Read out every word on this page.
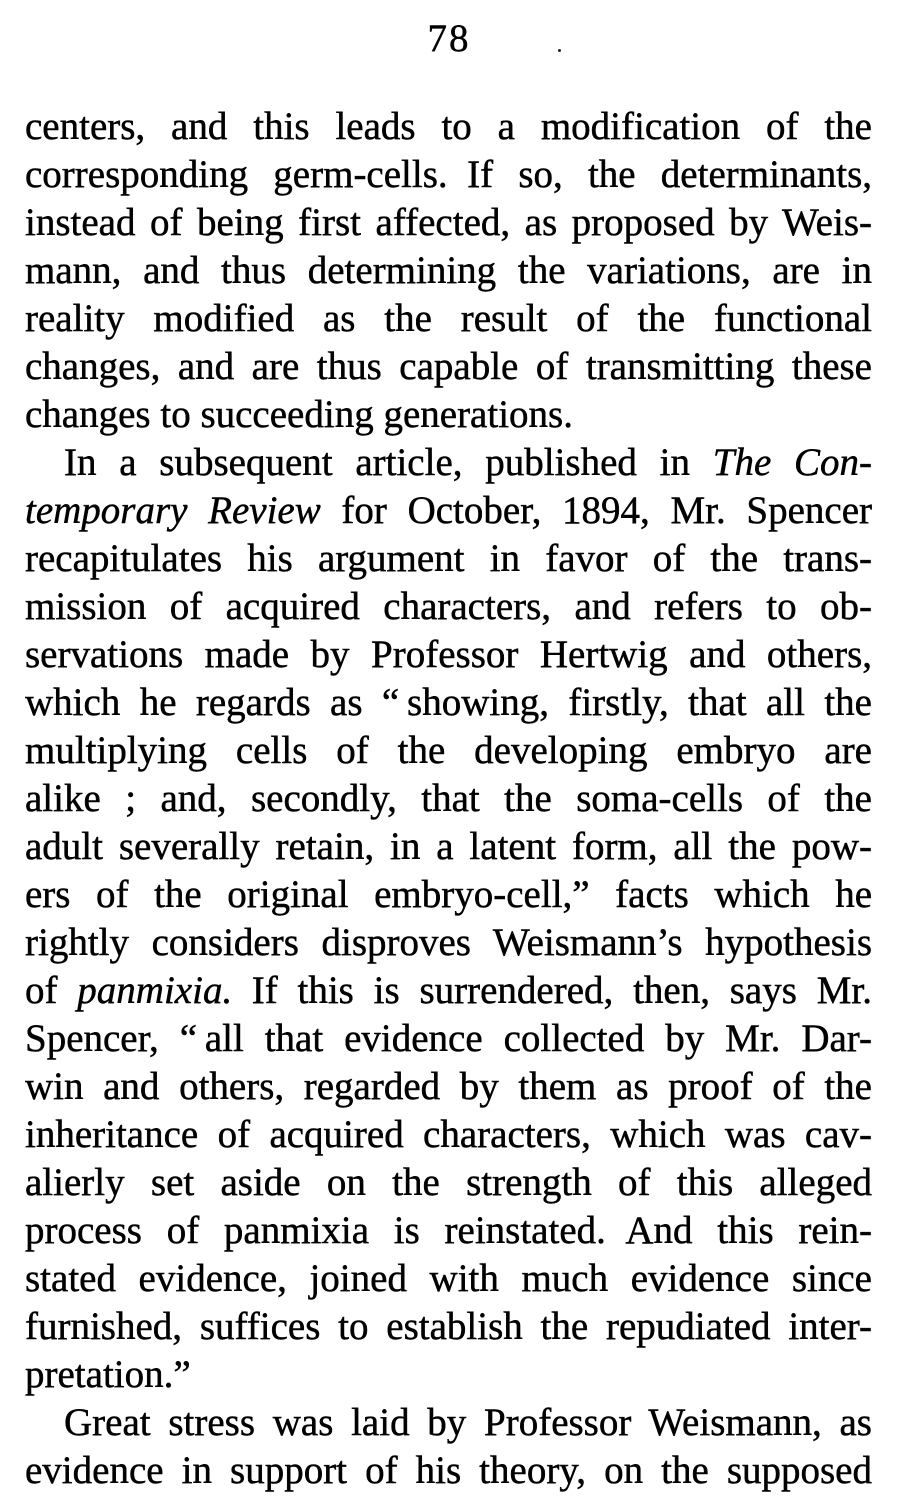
78
centers, and this leads to a modification of the
corresponding germ-cells. If so, the determinants,
instead of being first affected, as proposed by Weis-
mann, and thus determining the variations, are in
reality modified as the result of the functional
changes, and are thus capable of transmitting these
changes to succeeding generations.
In a subsequent article, published in The Con-
temporary Review for October, 1894, Mr. Spencer
recapitulates his argument in favor of the trans-
mission of acquired characters, and refers to ob-
servations made by Professor Hertwig and others,
which he regards as “ showing, firstly, that all the
multiplying cells of the developing embryo are
alike ; and, secondly, that the soma-cells of the
adult severally retain, in a latent form, all the pow-
ers of the original embryo-cell,” facts which he
rightly considers disproves Weismann’s hypothesis
of panmixia. If this is surrendered, then, says Mr.
Spencer, “ all that evidence collected by Mr. Dar-
win and others, regarded by them as proof of the
inheritance of acquired characters, which was cav-
alierly set aside on the strength of this alleged
process of panmixia is reinstated. And this rein-
stated evidence, joined with much evidence since
furnished, suffices to establish the repudiated inter-
pretation.”
Great stress was laid by Professor Weismann, as
evidence in support of his theory, on the supposed
